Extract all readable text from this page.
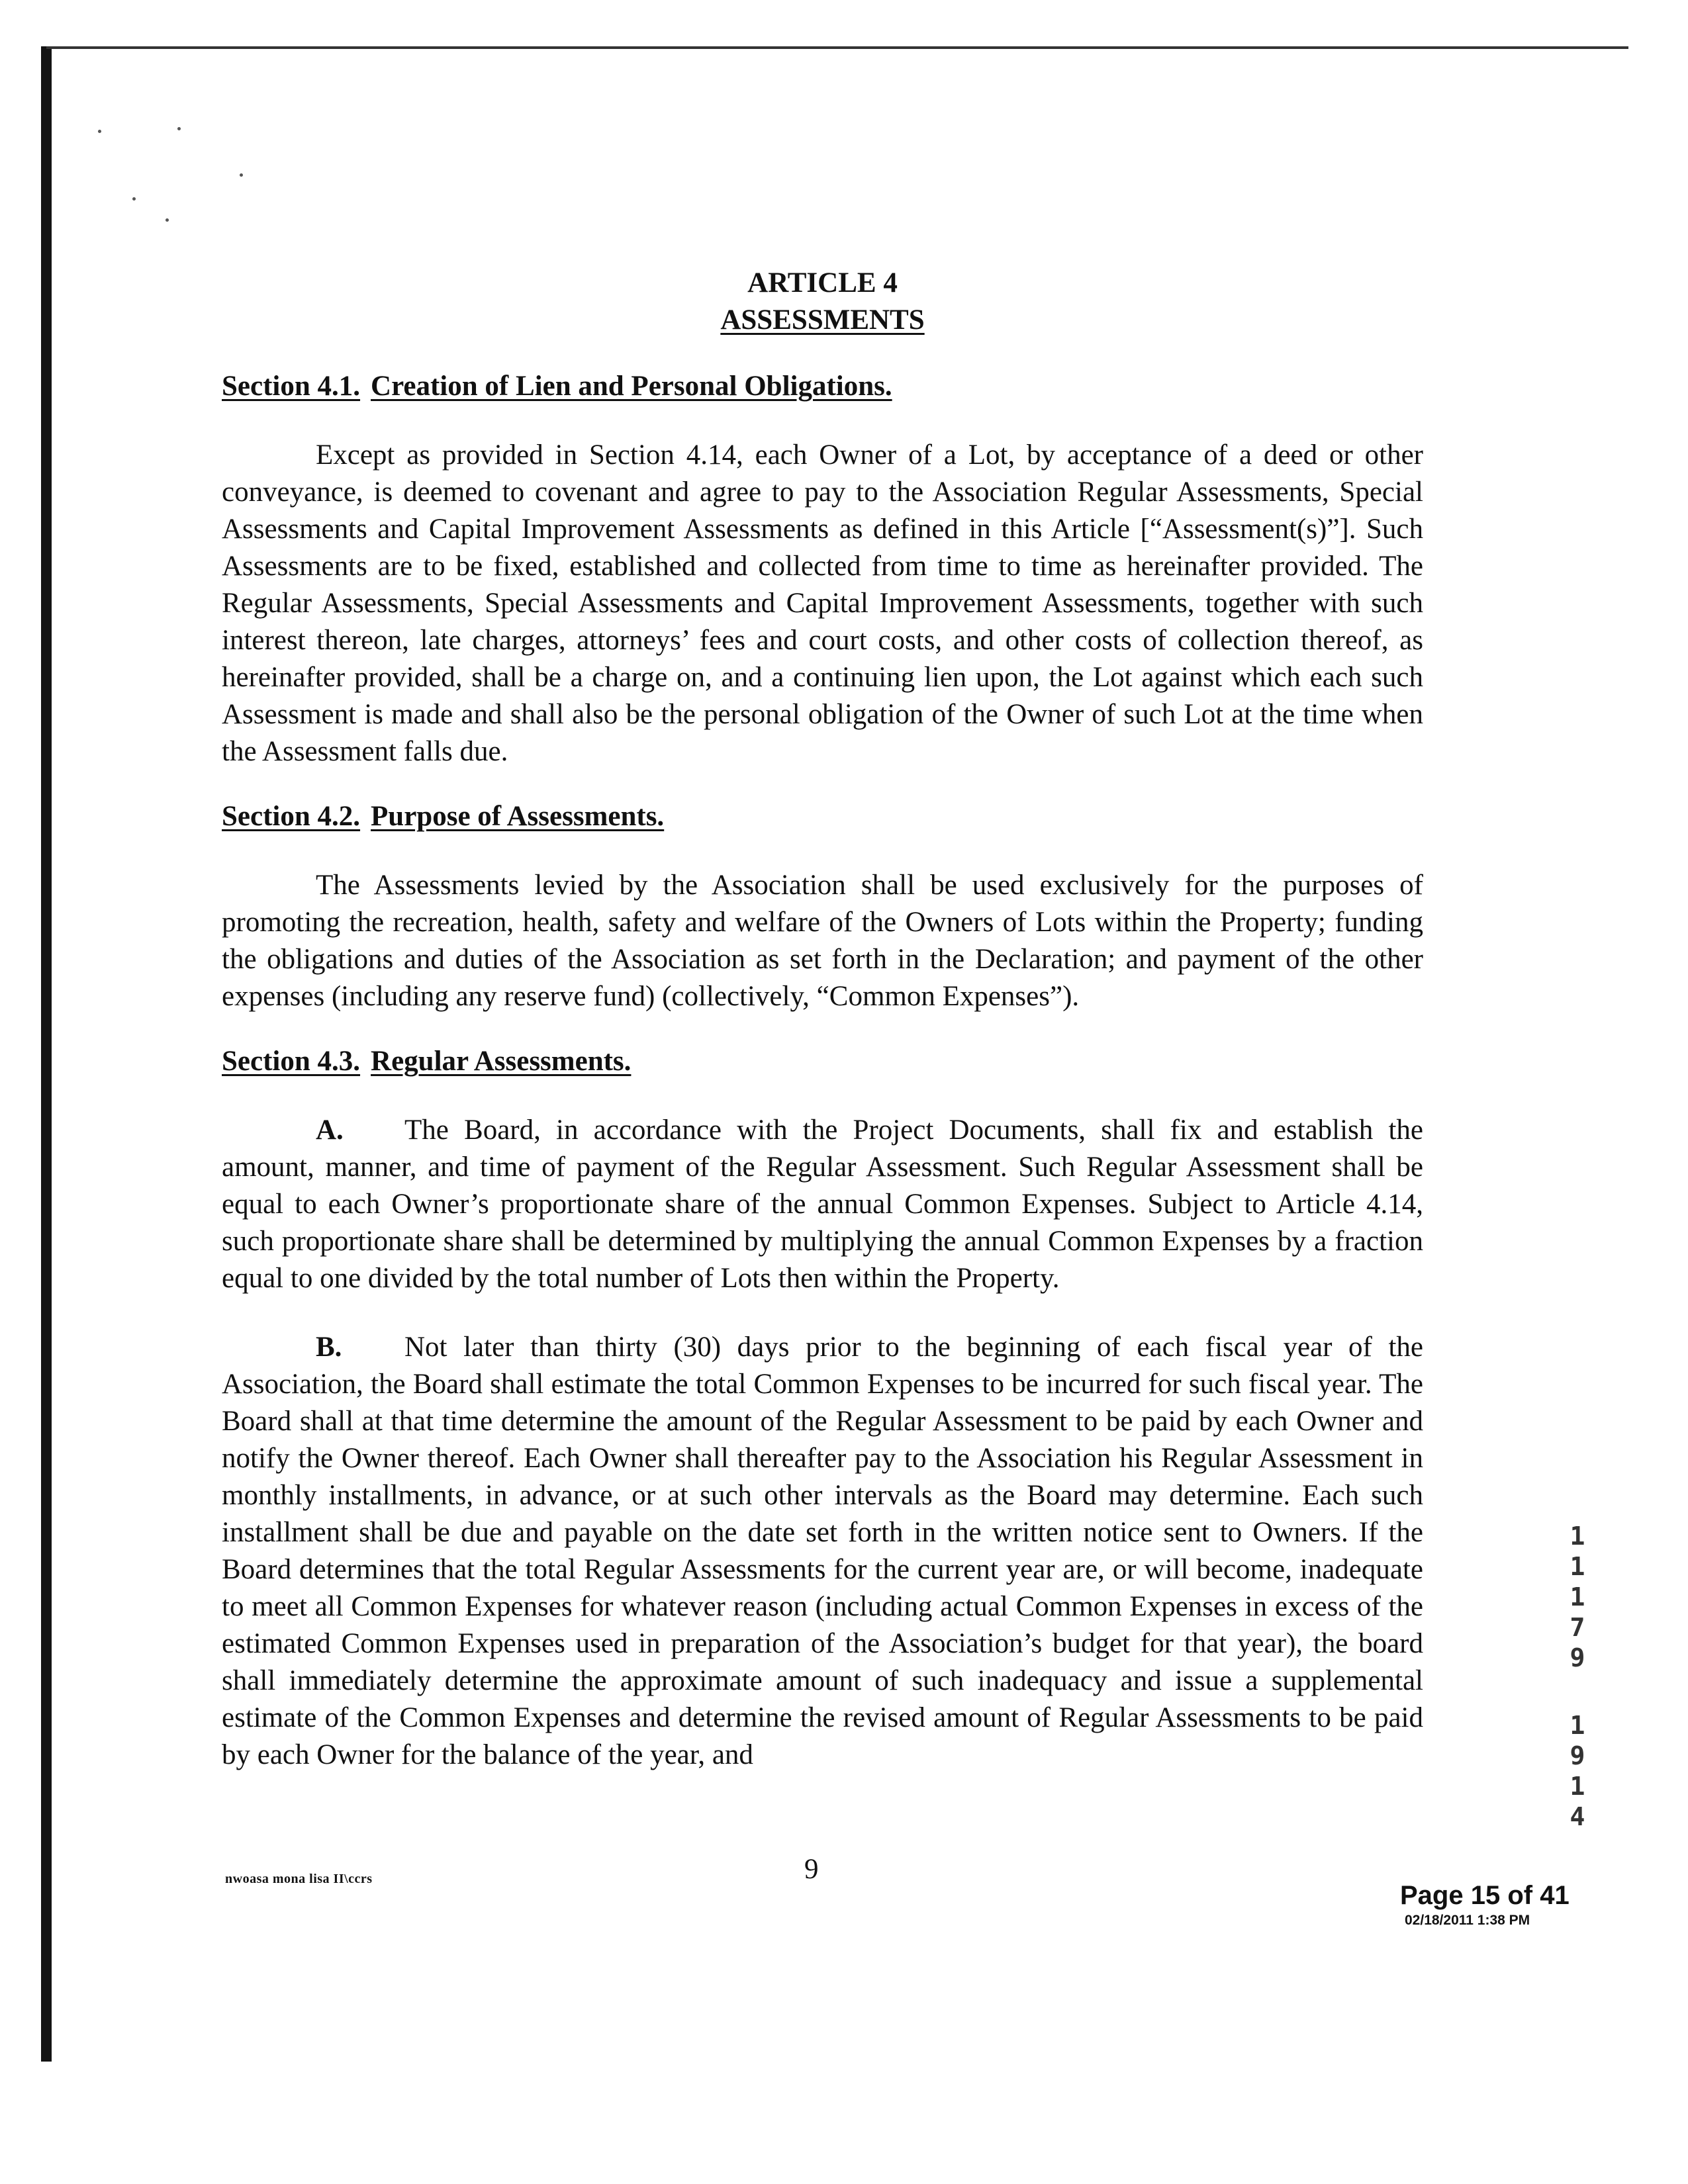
ARTICLE 4
ASSESSMENTS
Section 4.1. Creation of Lien and Personal Obligations.
Except as provided in Section 4.14, each Owner of a Lot, by acceptance of a deed or other conveyance, is deemed to covenant and agree to pay to the Association Regular Assessments, Special Assessments and Capital Improvement Assessments as defined in this Article [“Assessment(s)”]. Such Assessments are to be fixed, established and collected from time to time as hereinafter provided. The Regular Assessments, Special Assessments and Capital Improvement Assessments, together with such interest thereon, late charges, attorneys’ fees and court costs, and other costs of collection thereof, as hereinafter provided, shall be a charge on, and a continuing lien upon, the Lot against which each such Assessment is made and shall also be the personal obligation of the Owner of such Lot at the time when the Assessment falls due.
Section 4.2. Purpose of Assessments.
The Assessments levied by the Association shall be used exclusively for the purposes of promoting the recreation, health, safety and welfare of the Owners of Lots within the Property; funding the obligations and duties of the Association as set forth in the Declaration; and payment of the other expenses (including any reserve fund) (collectively, “Common Expenses”).
Section 4.3. Regular Assessments.
A. The Board, in accordance with the Project Documents, shall fix and establish the amount, manner, and time of payment of the Regular Assessment. Such Regular Assessment shall be equal to each Owner’s proportionate share of the annual Common Expenses. Subject to Article 4.14, such proportionate share shall be determined by multiplying the annual Common Expenses by a fraction equal to one divided by the total number of Lots then within the Property.
B. Not later than thirty (30) days prior to the beginning of each fiscal year of the Association, the Board shall estimate the total Common Expenses to be incurred for such fiscal year. The Board shall at that time determine the amount of the Regular Assessment to be paid by each Owner and notify the Owner thereof. Each Owner shall thereafter pay to the Association his Regular Assessment in monthly installments, in advance, or at such other intervals as the Board may determine. Each such installment shall be due and payable on the date set forth in the written notice sent to Owners. If the Board determines that the total Regular Assessments for the current year are, or will become, inadequate to meet all Common Expenses for whatever reason (including actual Common Expenses in excess of the estimated Common Expenses used in preparation of the Association’s budget for that year), the board shall immediately determine the approximate amount of such inadequacy and issue a supplemental estimate of the Common Expenses and determine the revised amount of Regular Assessments to be paid by each Owner for the balance of the year, and
nwoasa mona lisa II\ccrs	9
Page 15 of 41
02/18/2011 1:38 PM
1
1
1
7
9
1
9
1
4
